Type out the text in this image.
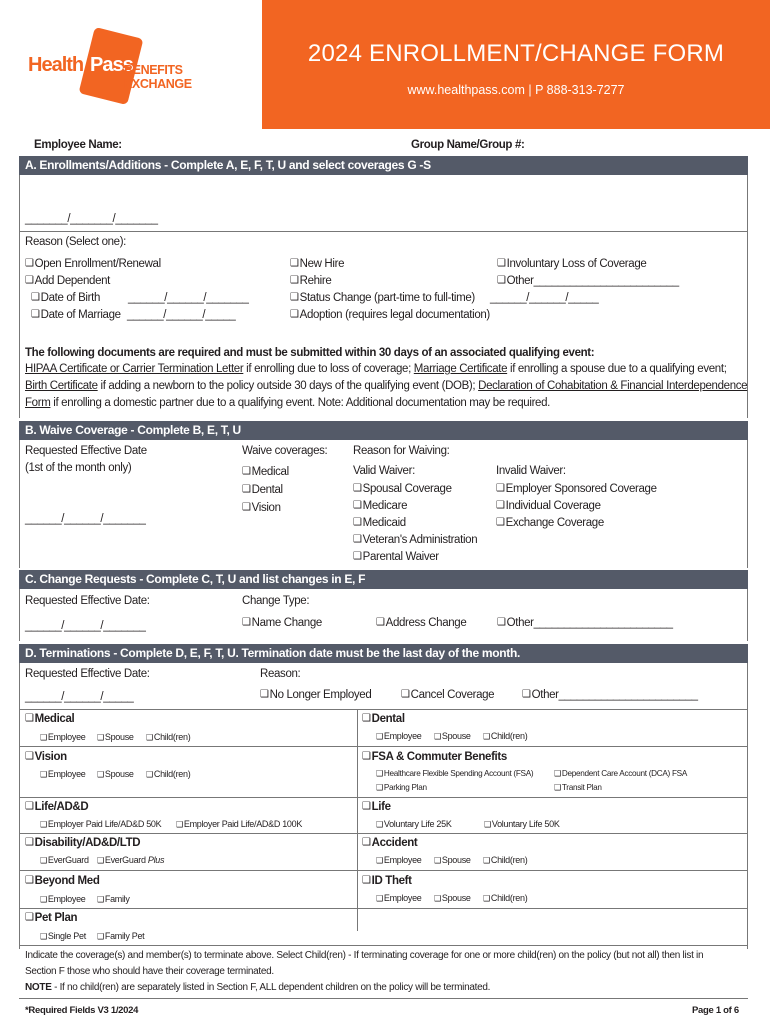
Health Pass
BENEFITS EXCHANGE
2024 ENROLLMENT/CHANGE FORM
www.healthpass.com | P 888-313-7277
Employee Name:	Group Name/Group #:
A. Enrollments/Additions - Complete A, E, F, T, U and select coverages G -S
_______/_______/_______
Reason (Select one):
❑ Open Enrollment/Renewal
❑ Add Dependent
❑ Date of Birth ______/______/_______
❑ Date of Marriage ______/______/_____
❑ New Hire
❑ Rehire
❑ Status Change (part-time to full-time) ______/______/_____
❑ Adoption (requires legal documentation)
❑ Involuntary Loss of Coverage
❑ Other________________________
The following documents are required and must be submitted within 30 days of an associated qualifying event:
HIPAA Certificate or Carrier Termination Letter if enrolling due to loss of coverage; Marriage Certificate if enrolling a spouse due to a qualifying event;
Birth Certificate if adding a newborn to the policy outside 30 days of the qualifying event (DOB); Declaration of Cohabitation & Financial Interdependence
Form if enrolling a domestic partner due to a qualifying event. Note: Additional documentation may be required.
B. Waive Coverage - Complete B, E, T, U
Requested Effective Date
(1st of the month only)
______/______/_______
Waive coverages:
❑ Medical
❑ Dental
❑ Vision
Reason for Waiving:
Valid Waiver:
❑ Spousal Coverage
❑ Medicare
❑ Medicaid
❑ Veteran's Administration
❑ Parental Waiver
Invalid Waiver:
❑ Employer Sponsored Coverage
❑ Individual Coverage
❑ Exchange Coverage
C. Change Requests - Complete C, T, U and list changes in E, F
Requested Effective Date:
______/______/_______
Change Type:
❑ Name Change	❑ Address Change	❑ Other_______________________
D. Terminations - Complete D, E, F, T, U. Termination date must be the last day of the month.
Requested Effective Date:
______/______/_____
Reason:
❑ No Longer Employed	❑ Cancel Coverage	❑ Other_______________________
❑ Medical
❑ Employee	❑ Spouse	❑ Child(ren)
❑ Dental
❑ Employee	❑ Spouse	❑ Child(ren)
❑ Vision
❑ Employee	❑ Spouse	❑ Child(ren)
❑ FSA & Commuter Benefits
❑ Healthcare Flexible Spending Account (FSA)	❑ Dependent Care Account (DCA) FSA
❑ Parking Plan	❑ Transit Plan
❑ Life/AD&D
❑ Employer Paid Life/AD&D 50K	❑ Employer Paid Life/AD&D 100K
❑ Life
❑ Voluntary Life 25K	❑ Voluntary Life 50K
❑ Disability/AD&D/LTD
❑ EverGuard	❑ EverGuard Plus
❑ Accident
❑ Employee	❑ Spouse	❑ Child(ren)
❑ Beyond Med
❑ Employee	❑ Family
❑ ID Theft
❑ Employee	❑ Spouse	❑ Child(ren)
❑ Pet Plan
❑ Single Pet	❑ Family Pet
Indicate the coverage(s) and member(s) to terminate above. Select Child(ren) - If terminating coverage for one or more child(ren) on the policy (but not all) then list in
Section F those who should have their coverage terminated.
NOTE - If no child(ren) are separately listed in Section F, ALL dependent children on the policy will be terminated.
*Required Fields V3 1/2024	Page 1 of 6
